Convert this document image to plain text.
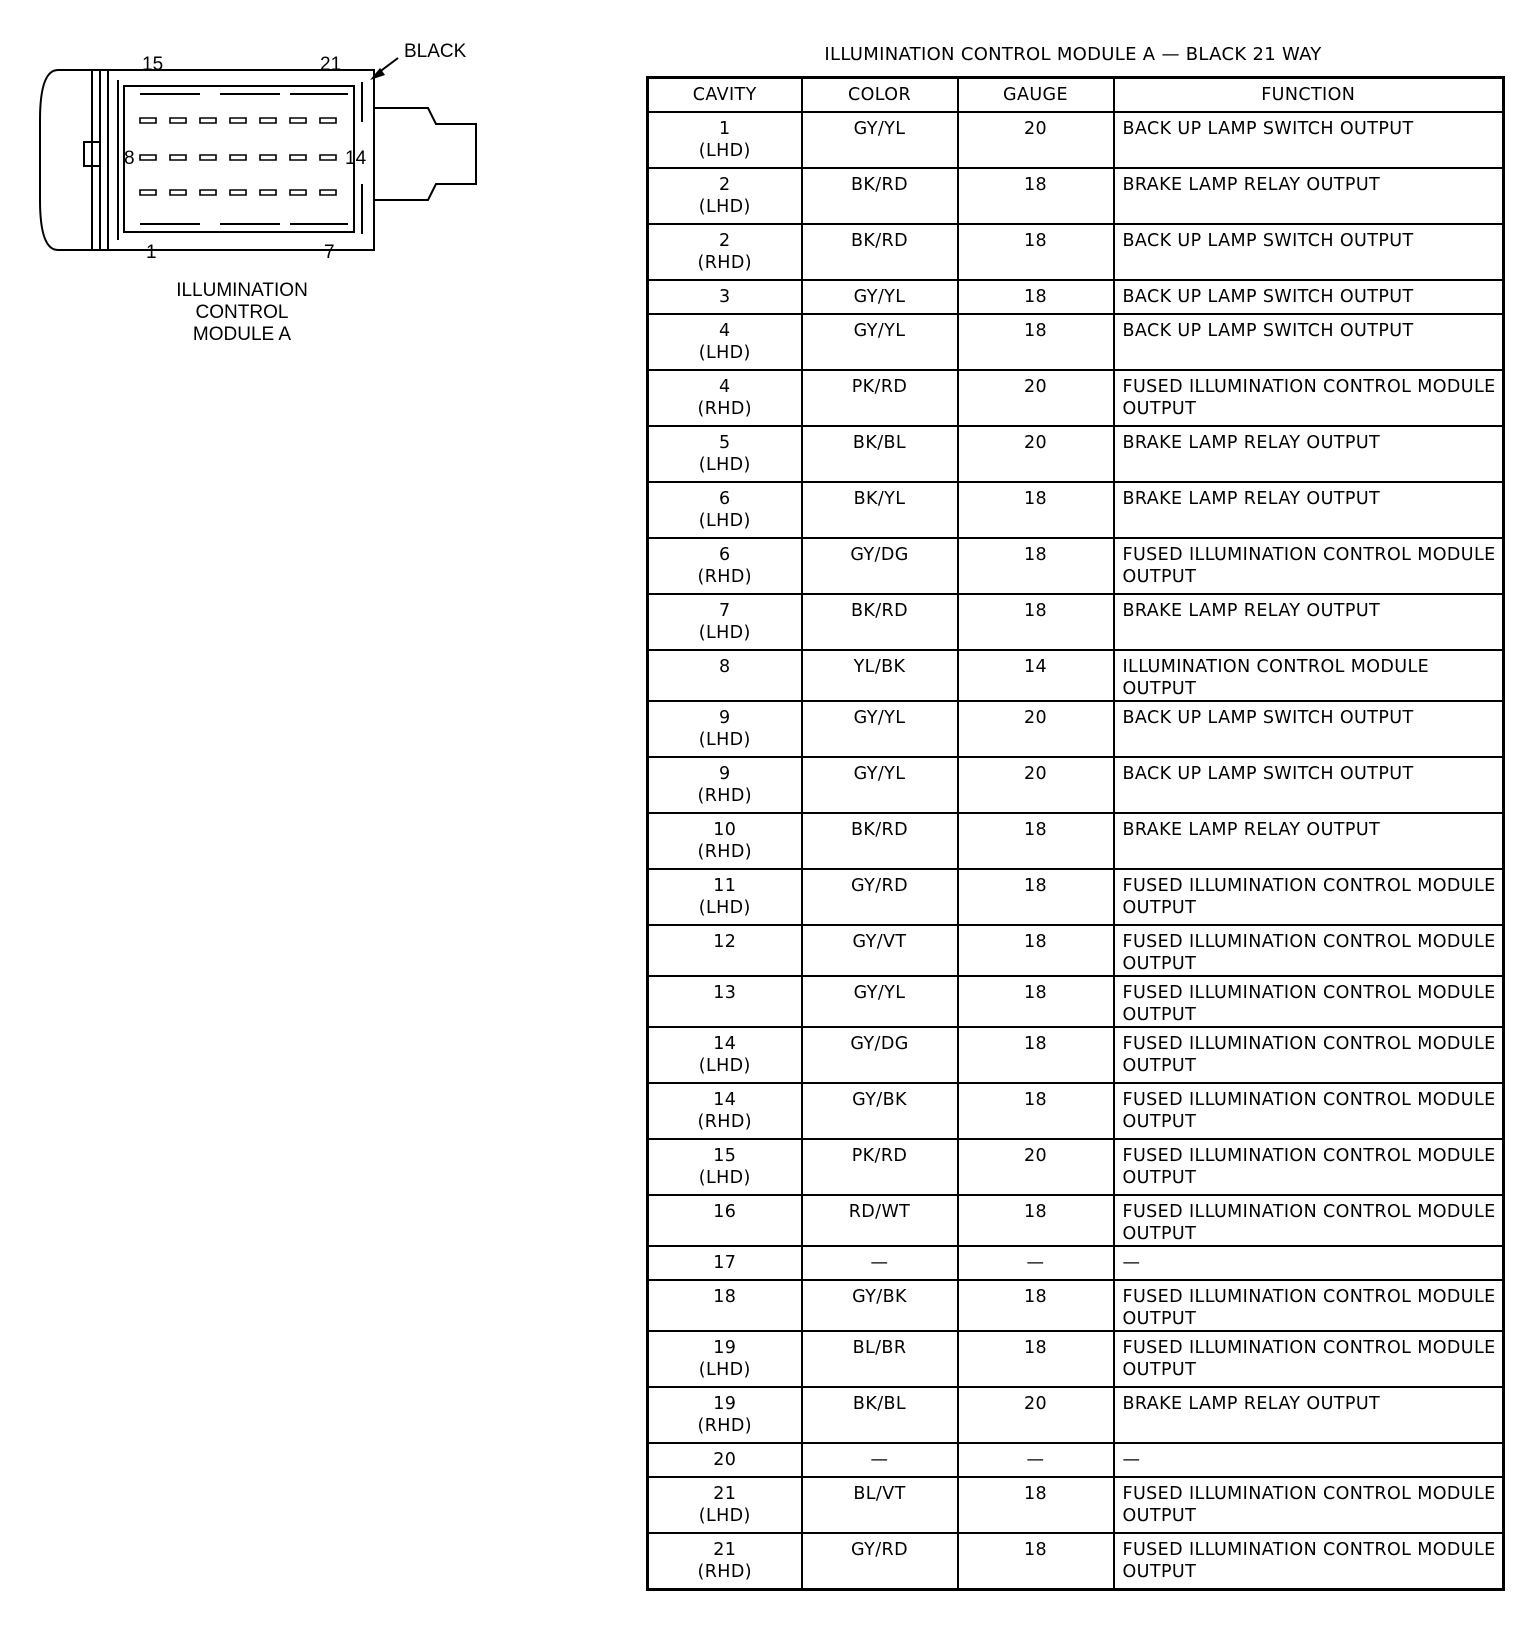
15	21
8	14
1	7
BLACK
ILLUMINATION
CONTROL
MODULE A
ILLUMINATION CONTROL MODULE A — BLACK 21 WAY
CAVITY	COLOR	GAUGE	FUNCTION

1
(LHD)	GY/YL	20	BACK UP LAMP SWITCH OUTPUT

2
(LHD)	BK/RD	18	BRAKE LAMP RELAY OUTPUT

2
(RHD)	BK/RD	18	BACK UP LAMP SWITCH OUTPUT

3	GY/YL	18	BACK UP LAMP SWITCH OUTPUT

4
(LHD)	GY/YL	18	BACK UP LAMP SWITCH OUTPUT

4
(RHD)	PK/RD	20	FUSED ILLUMINATION CONTROL MODULE OUTPUT

5
(LHD)	BK/BL	20	BRAKE LAMP RELAY OUTPUT

6
(LHD)	BK/YL	18	BRAKE LAMP RELAY OUTPUT

6
(RHD)	GY/DG	18	FUSED ILLUMINATION CONTROL MODULE OUTPUT

7
(LHD)	BK/RD	18	BRAKE LAMP RELAY OUTPUT

8	YL/BK	14	ILLUMINATION CONTROL MODULE OUTPUT

9
(LHD)	GY/YL	20	BACK UP LAMP SWITCH OUTPUT

9
(RHD)	GY/YL	20	BACK UP LAMP SWITCH OUTPUT

10
(RHD)	BK/RD	18	BRAKE LAMP RELAY OUTPUT

11
(LHD)	GY/RD	18	FUSED ILLUMINATION CONTROL MODULE OUTPUT

12	GY/VT	18	FUSED ILLUMINATION CONTROL MODULE OUTPUT

13	GY/YL	18	FUSED ILLUMINATION CONTROL MODULE OUTPUT

14
(LHD)	GY/DG	18	FUSED ILLUMINATION CONTROL MODULE OUTPUT

14
(RHD)	GY/BK	18	FUSED ILLUMINATION CONTROL MODULE OUTPUT

15
(LHD)	PK/RD	20	FUSED ILLUMINATION CONTROL MODULE OUTPUT

16	RD/WT	18	FUSED ILLUMINATION CONTROL MODULE OUTPUT

17	—	—	—

18	GY/BK	18	FUSED ILLUMINATION CONTROL MODULE OUTPUT

19
(LHD)	BL/BR	18	FUSED ILLUMINATION CONTROL MODULE OUTPUT

19
(RHD)	BK/BL	20	BRAKE LAMP RELAY OUTPUT

20	—	—	—

21
(LHD)	BL/VT	18	FUSED ILLUMINATION CONTROL MODULE OUTPUT

21
(RHD)	GY/RD	18	FUSED ILLUMINATION CONTROL MODULE OUTPUT
